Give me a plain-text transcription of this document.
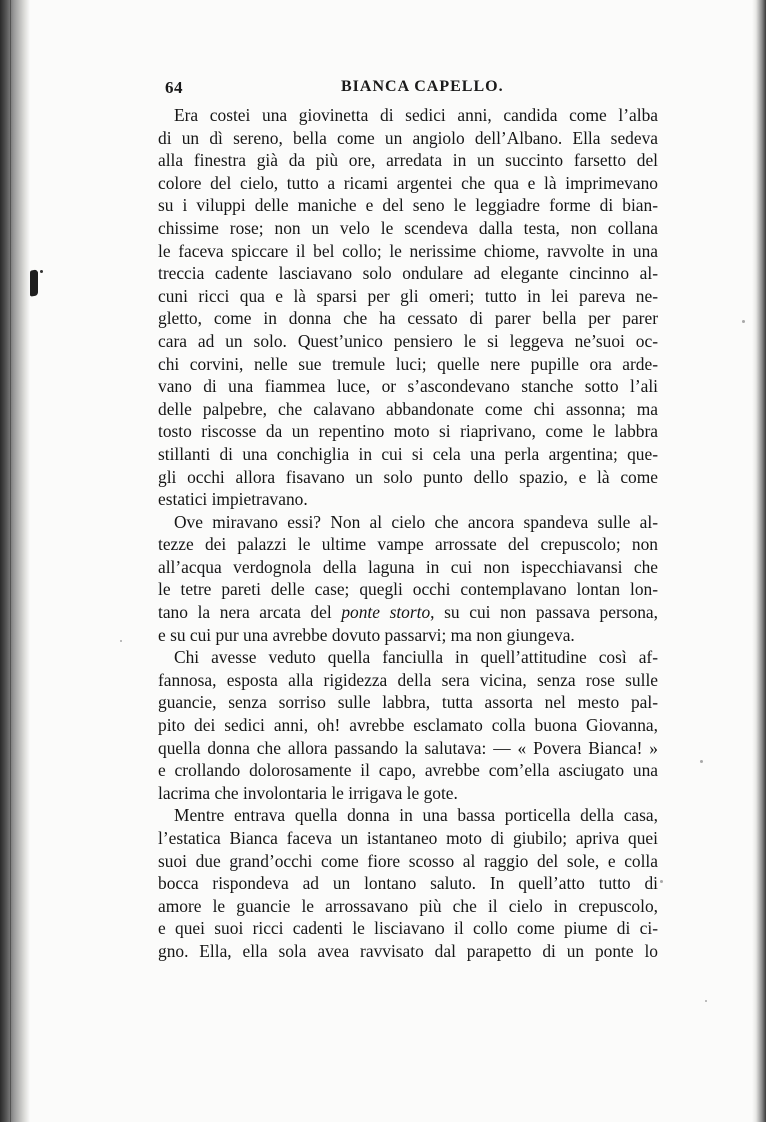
64	BIANCA CAPELLO.
Era costei una giovinetta di sedici anni, candida come l’alba
di un dì sereno, bella come un angiolo dell’Albano. Ella sedeva
alla finestra già da più ore, arredata in un succinto farsetto del
colore del cielo, tutto a ricami argentei che qua e là imprimevano
su i viluppi delle maniche e del seno le leggiadre forme di bian-
chissime rose; non un velo le scendeva dalla testa, non collana
le faceva spiccare il bel collo; le nerissime chiome, ravvolte in una
treccia cadente lasciavano solo ondulare ad elegante cincinno al-
cuni ricci qua e là sparsi per gli omeri; tutto in lei pareva ne-
gletto, come in donna che ha cessato di parer bella per parer
cara ad un solo. Quest’unico pensiero le si leggeva ne’suoi oc-
chi corvini, nelle sue tremule luci; quelle nere pupille ora arde-
vano di una fiammea luce, or s’ascondevano stanche sotto l’ali
delle palpebre, che calavano abbandonate come chi assonna; ma
tosto riscosse da un repentino moto si riaprivano, come le labbra
stillanti di una conchiglia in cui si cela una perla argentina; que-
gli occhi allora fisavano un solo punto dello spazio, e là come
estatici impietravano.
Ove miravano essi? Non al cielo che ancora spandeva sulle al-
tezze dei palazzi le ultime vampe arrossate del crepuscolo; non
all’acqua verdognola della laguna in cui non ispecchiavansi che
le tetre pareti delle case; quegli occhi contemplavano lontan lon-
tano la nera arcata del ponte storto, su cui non passava persona,
e su cui pur una avrebbe dovuto passarvi; ma non giungeva.
Chi avesse veduto quella fanciulla in quell’attitudine così af-
fannosa, esposta alla rigidezza della sera vicina, senza rose sulle
guancie, senza sorriso sulle labbra, tutta assorta nel mesto pal-
pito dei sedici anni, oh! avrebbe esclamato colla buona Giovanna,
quella donna che allora passando la salutava: — « Povera Bianca! »
e crollando dolorosamente il capo, avrebbe com’ella asciugato una
lacrima che involontaria le irrigava le gote.
Mentre entrava quella donna in una bassa porticella della casa,
l’estatica Bianca faceva un istantaneo moto di giubilo; apriva quei
suoi due grand’occhi come fiore scosso al raggio del sole, e colla
bocca rispondeva ad un lontano saluto. In quell’atto tutto di
amore le guancie le arrossavano più che il cielo in crepuscolo,
e quei suoi ricci cadenti le lisciavano il collo come piume di ci-
gno. Ella, ella sola avea ravvisato dal parapetto di un ponte lo
